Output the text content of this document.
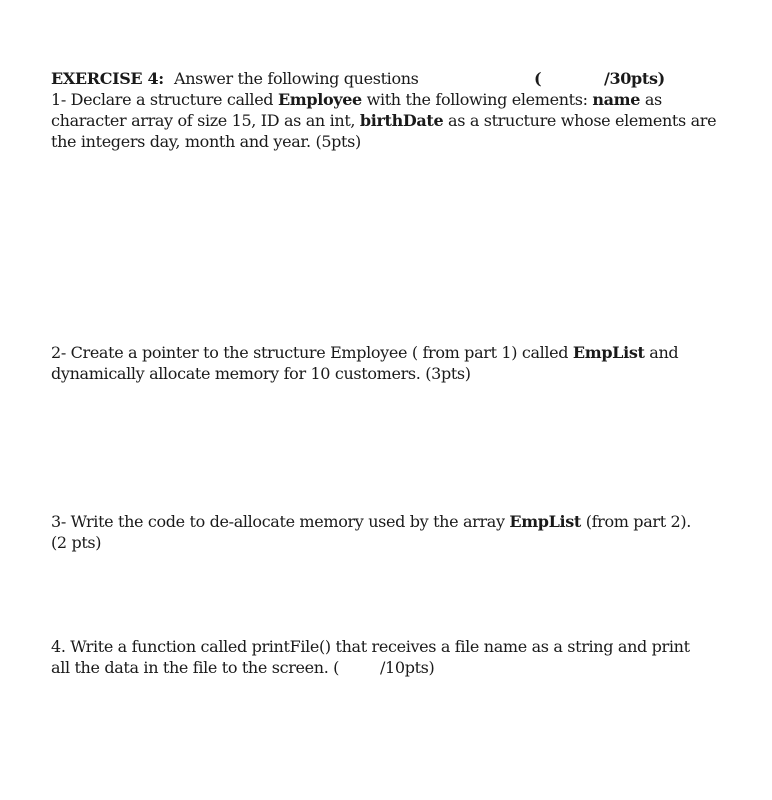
EXERCISE 4: Answer the following questions	(	/30pts)
1- Declare a structure called Employee with the following elements: name as
character array of size 15, ID as an int, birthDate as a structure whose elements are
the integers day, month and year. (5pts)
2- Create a pointer to the structure Employee ( from part 1) called EmpList and
dynamically allocate memory for 10 customers. (3pts)
3- Write the code to de-allocate memory used by the array EmpList (from part 2).
(2 pts)
4. Write a function called printFile() that receives a file name as a string and print
all the data in the file to the screen. (	/10pts)
